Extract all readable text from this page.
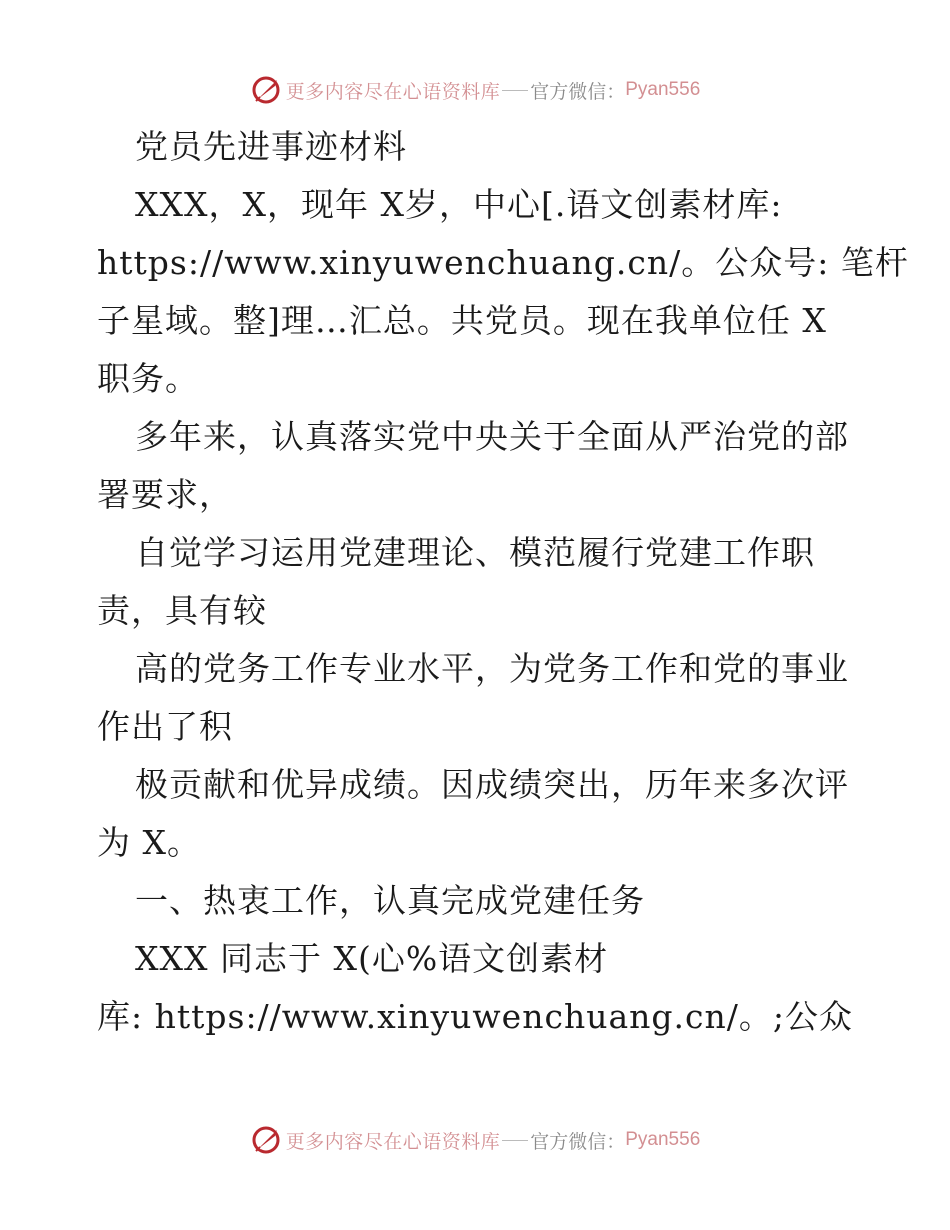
更多内容尽在心语资料库 官方微信： Pyan556
党员先进事迹材料
XXX，X，现年 X岁，中心[.语文创素材库:
https://www.xinyuwenchuang.cn/。公众号: 笔杆
子星域。整]理…汇总。共党员。现在我单位任 X
职务。
多年来，认真落实党中央关于全面从严治党的部
署要求，
自觉学习运用党建理论、模范履行党建工作职
责，具有较
高的党务工作专业水平，为党务工作和党的事业
作出了积
极贡献和优异成绩。因成绩突出，历年来多次评
为 X。
一、热衷工作，认真完成党建任务
XXX 同志于 X(心%语文创素材
库: https://www.xinyuwenchuang.cn/。;公众
更多内容尽在心语资料库 官方微信： Pyan556
